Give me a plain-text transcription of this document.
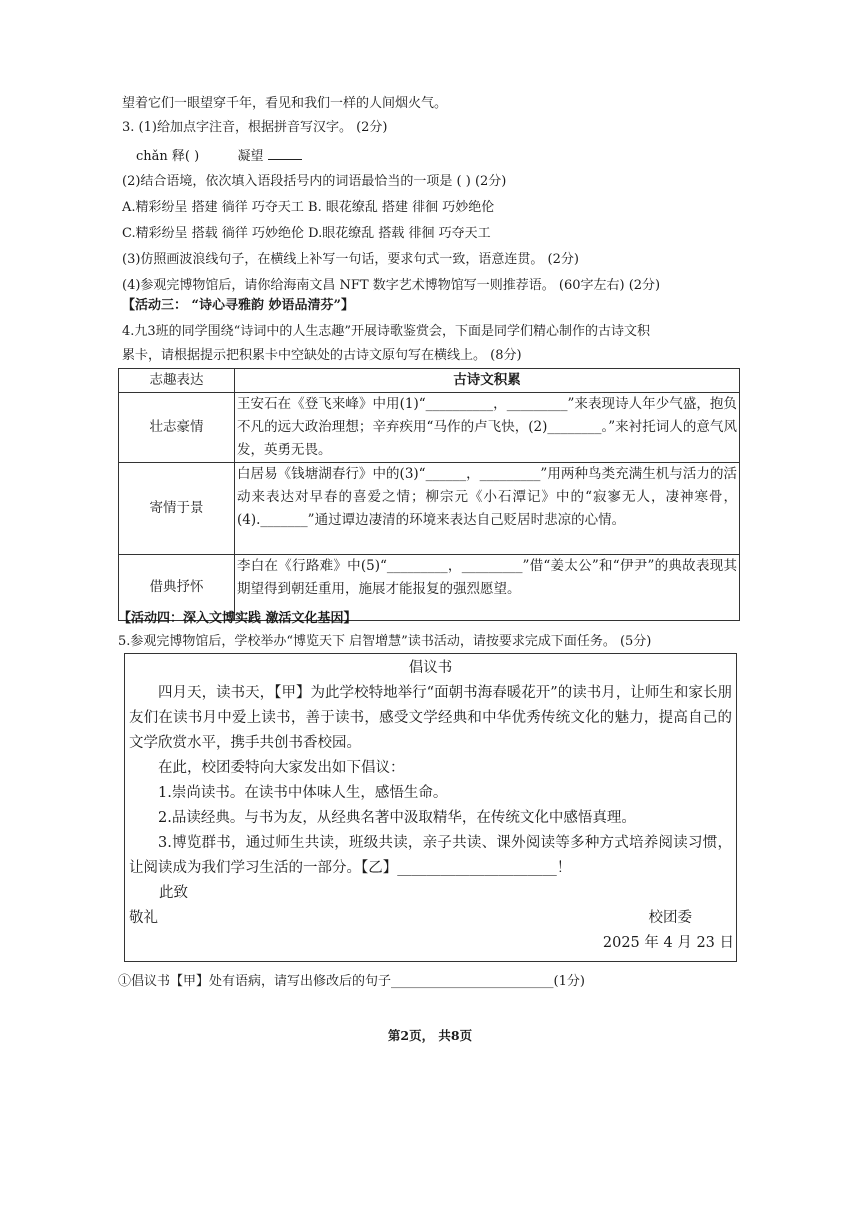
望着它们一眼望穿千年，看见和我们一样的人间烟火气。
3. (1)给加点字注音，根据拼音写汉字。 (2分)
chǎn 释( )	凝望
(2)结合语境，依次填入语段括号内的词语最恰当的一项是 ( ) (2分)
A.精彩纷呈 搭建 徜徉 巧夺天工 B. 眼花缭乱 搭建 徘徊 巧妙绝伦
C.精彩纷呈 搭载 徜徉 巧妙绝伦 D.眼花缭乱 搭载 徘徊 巧夺天工
(3)仿照画波浪线句子，在横线上补写一句话，要求句式一致，语意连贯。 (2分)
(4)参观完博物馆后，请你给海南文昌 NFT 数字艺术博物馆写一则推荐语。 (60字左右) (2分)
【活动三： “诗心寻雅韵 妙语品清芬”】
4.九3班的同学围绕“诗词中的人生志趣”开展诗歌鉴赏会，下面是同学们精心制作的古诗文积
累卡，请根据提示把积累卡中空缺处的古诗文原句写在横线上。 (8分)
志趣表达	古诗文积累
壮志豪情	王安石在《登飞来峰》中用(1)“__________，_________”来表现诗人年少气盛，抱负不凡的远大政治理想；辛弃疾用“马作的卢飞快，(2)________。”来衬托词人的意气风发，英勇无畏。
寄情于景	白居易《钱塘湖春行》中的(3)“______，_________”用两种鸟类充满生机与活力的活动来表达对早春的喜爱之情；柳宗元《小石潭记》中的“寂寥无人，凄神寒骨，(4)._______”通过谭边凄清的环境来表达自己贬居时悲凉的心情。
借典抒怀	李白在《行路难》中(5)“_________，_________”借“姜太公”和“伊尹”的典故表现其期望得到朝廷重用，施展才能报复的强烈愿望。
【活动四：深入文博实践 激活文化基因】
5.参观完博物馆后，学校举办“博览天下 启智增慧”读书活动，请按要求完成下面任务。 (5分)
倡议书
四月天，读书天，【甲】为此学校特地举行“面朝书海春暖花开”的读书月，让师生和家长朋友们在读书月中爱上读书，善于读书，感受文学经典和中华优秀传统文化的魅力，提高自己的文学欣赏水平，携手共创书香校园。
在此，校团委特向大家发出如下倡议：
1.崇尚读书。在读书中体味人生，感悟生命。
2.品读经典。与书为友，从经典名著中汲取精华，在传统文化中感悟真理。
3.博览群书，通过师生共读，班级共读，亲子共读、课外阅读等多种方式培养阅读习惯，让阅读成为我们学习生活的一部分。【乙】______________________！
此致
敬礼	校团委
2025 年 4 月 23 日
①倡议书【甲】处有语病，请写出修改后的句子_________________________(1分)
第2页， 共8页
